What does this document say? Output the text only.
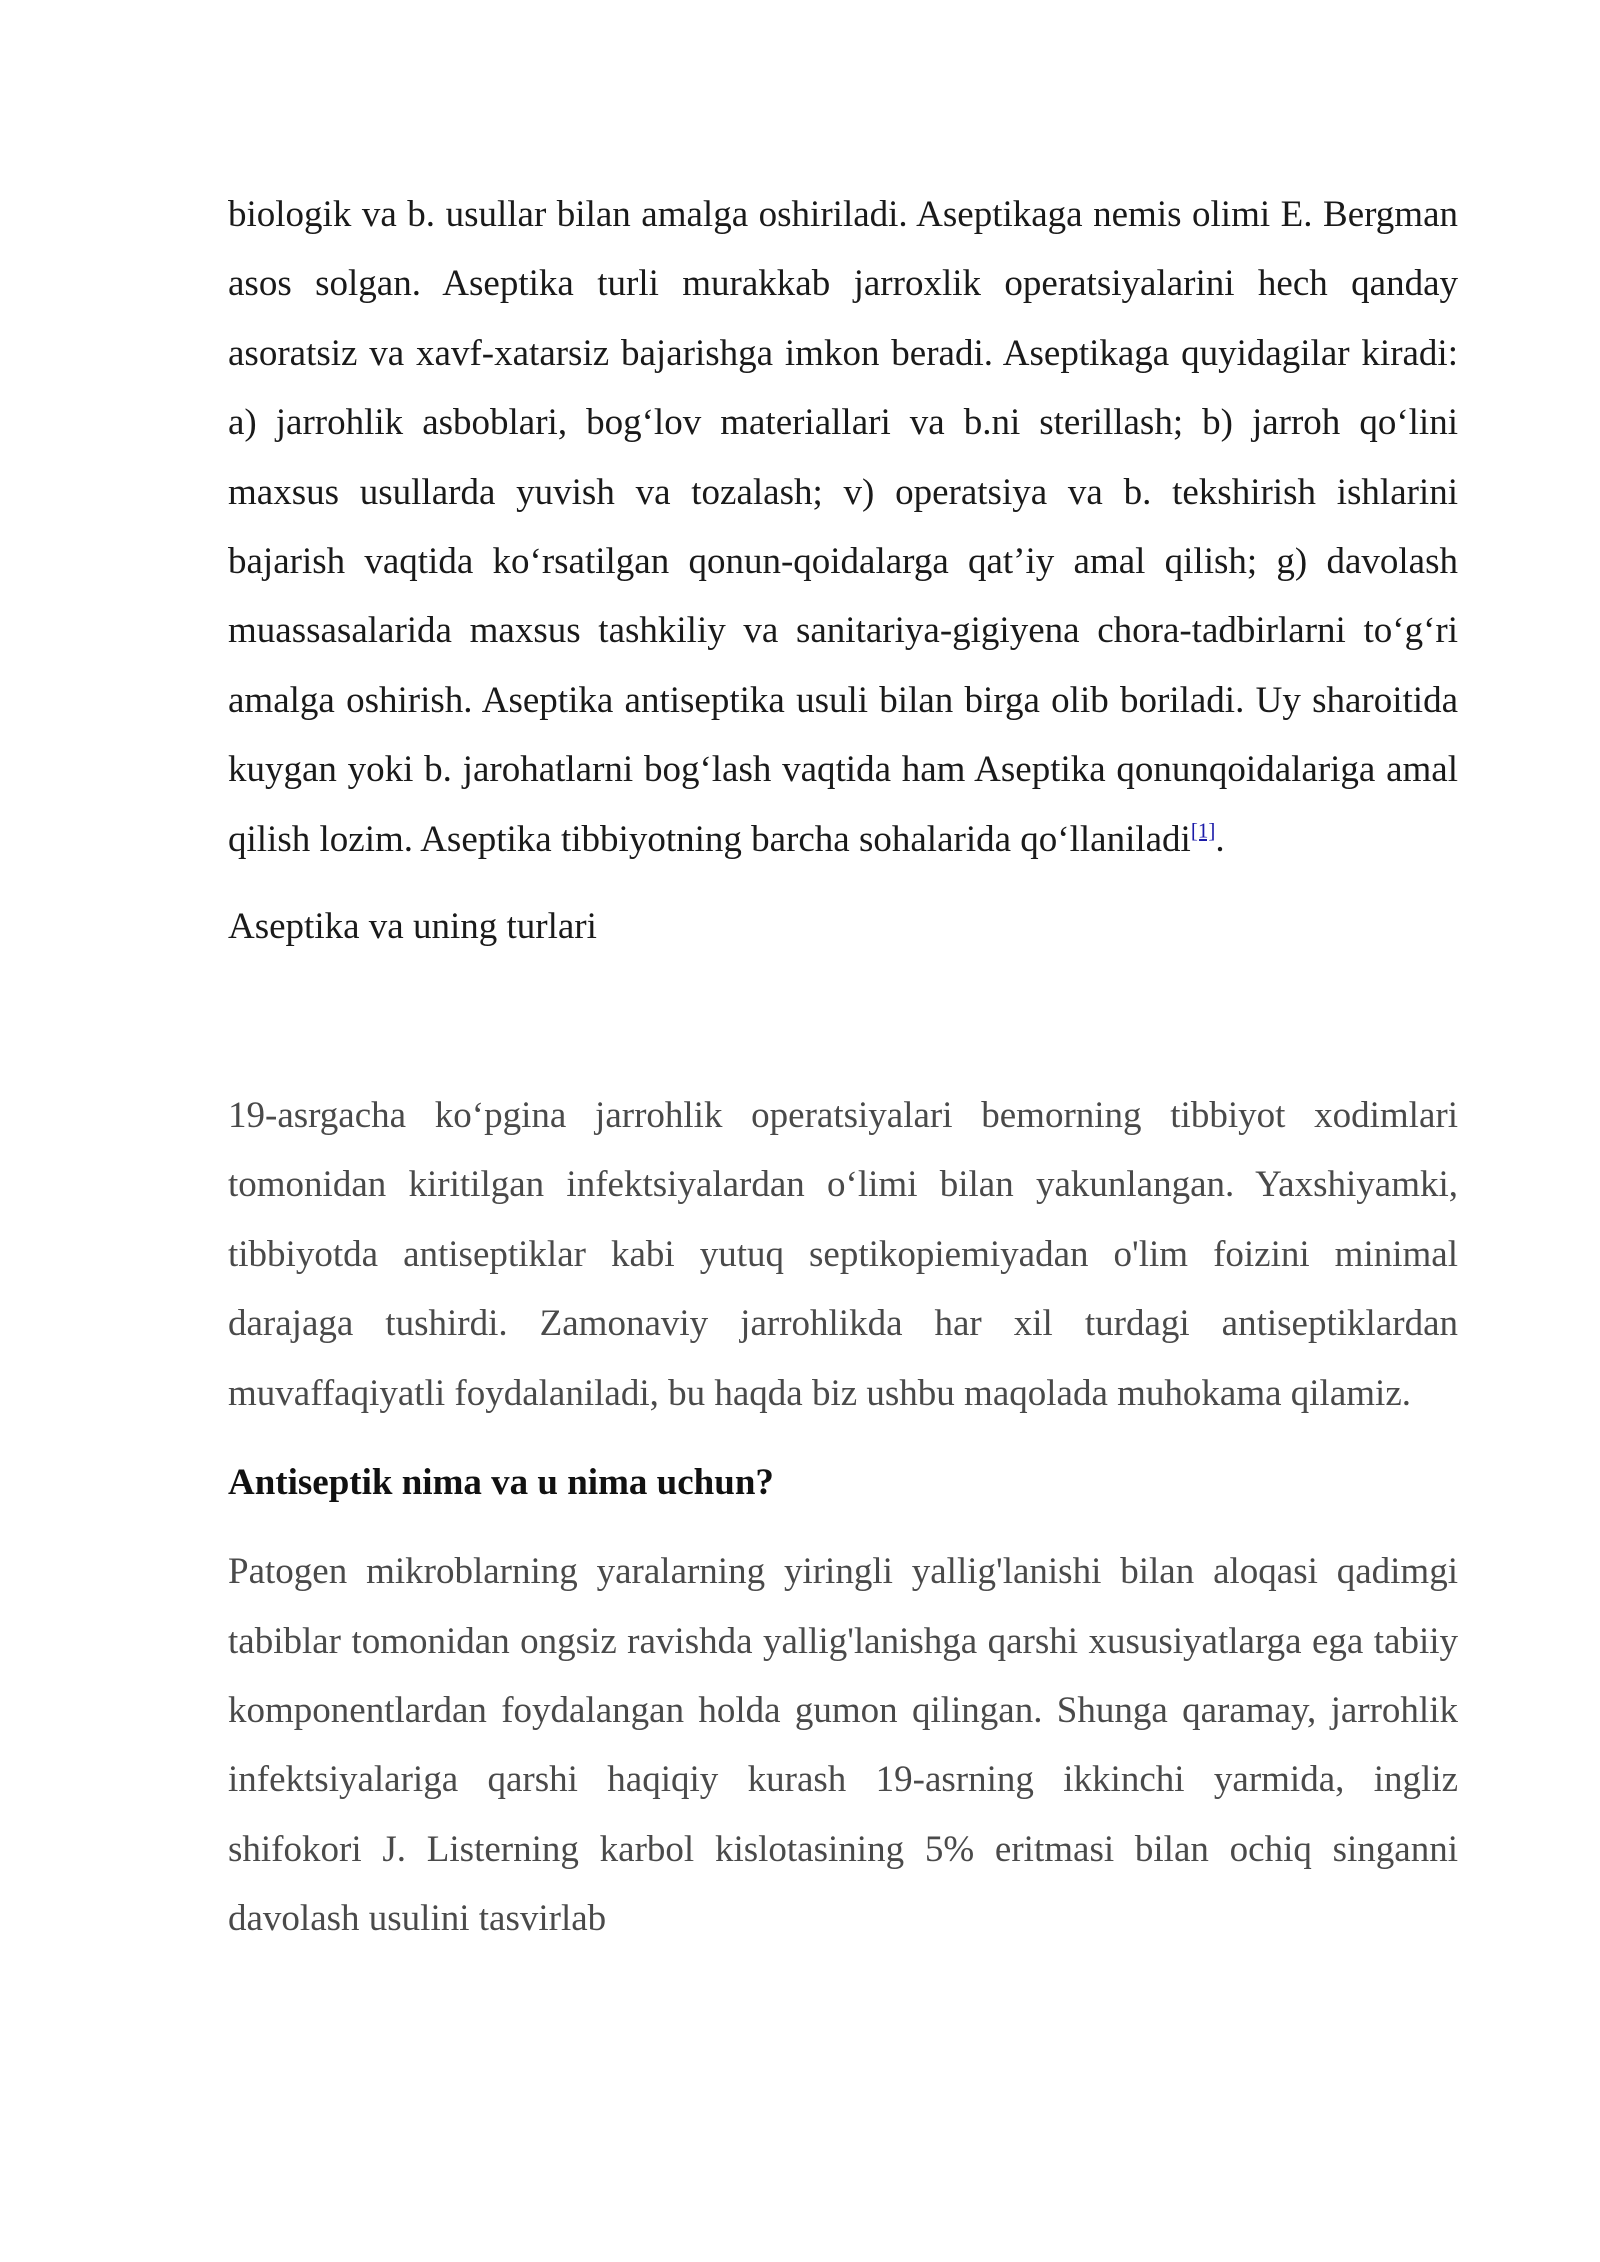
biologik va b. usullar bilan amalga oshiriladi. Aseptikaga nemis olimi E. Bergman asos solgan. Aseptika turli murakkab jarroxlik operatsiyalarini hech qanday asoratsiz va xavf-xatarsiz bajarishga imkon beradi. Aseptikaga quyidagilar kiradi: a) jarrohlik asboblari, bog‘lov materiallari va b.ni sterillash; b) jarroh qo‘lini maxsus usullarda yuvish va tozalash; v) operatsiya va b. tekshirish ishlarini bajarish vaqtida ko‘rsatilgan qonun-qoidalarga qat’iy amal qilish; g) davolash muassasalarida maxsus tashkiliy va sanitariya-gigiyena chora-tadbirlarni to‘g‘ri amalga oshirish. Aseptika antiseptika usuli bilan birga olib boriladi. Uy sharoitida kuygan yoki b. jarohatlarni bog‘lash vaqtida ham Aseptika qonunqoidalariga amal qilish lozim. Aseptika tibbiyotning barcha sohalarida qo‘llaniladi[1].

Aseptika va uning turlari

19-asrgacha ko‘pgina jarrohlik operatsiyalari bemorning tibbiyot xodimlari tomonidan kiritilgan infektsiyalardan o‘limi bilan yakunlangan. Yaxshiyamki, tibbiyotda antiseptiklar kabi yutuq septikopiemiyadan o'lim foizini minimal darajaga tushirdi. Zamonaviy jarrohlikda har xil turdagi antiseptiklardan muvaffaqiyatli foydalaniladi, bu haqda biz ushbu maqolada muhokama qilamiz.

Antiseptik nima va u nima uchun?

Patogen mikroblarning yaralarning yiringli yallig'lanishi bilan aloqasi qadimgi tabiblar tomonidan ongsiz ravishda yallig'lanishga qarshi xususiyatlarga ega tabiiy komponentlardan foydalangan holda gumon qilingan. Shunga qaramay, jarrohlik infektsiyalariga qarshi haqiqiy kurash 19-asrning ikkinchi yarmida, ingliz shifokori J. Listerning karbol kislotasining 5% eritmasi bilan ochiq singanni davolash usulini tasvirlab
